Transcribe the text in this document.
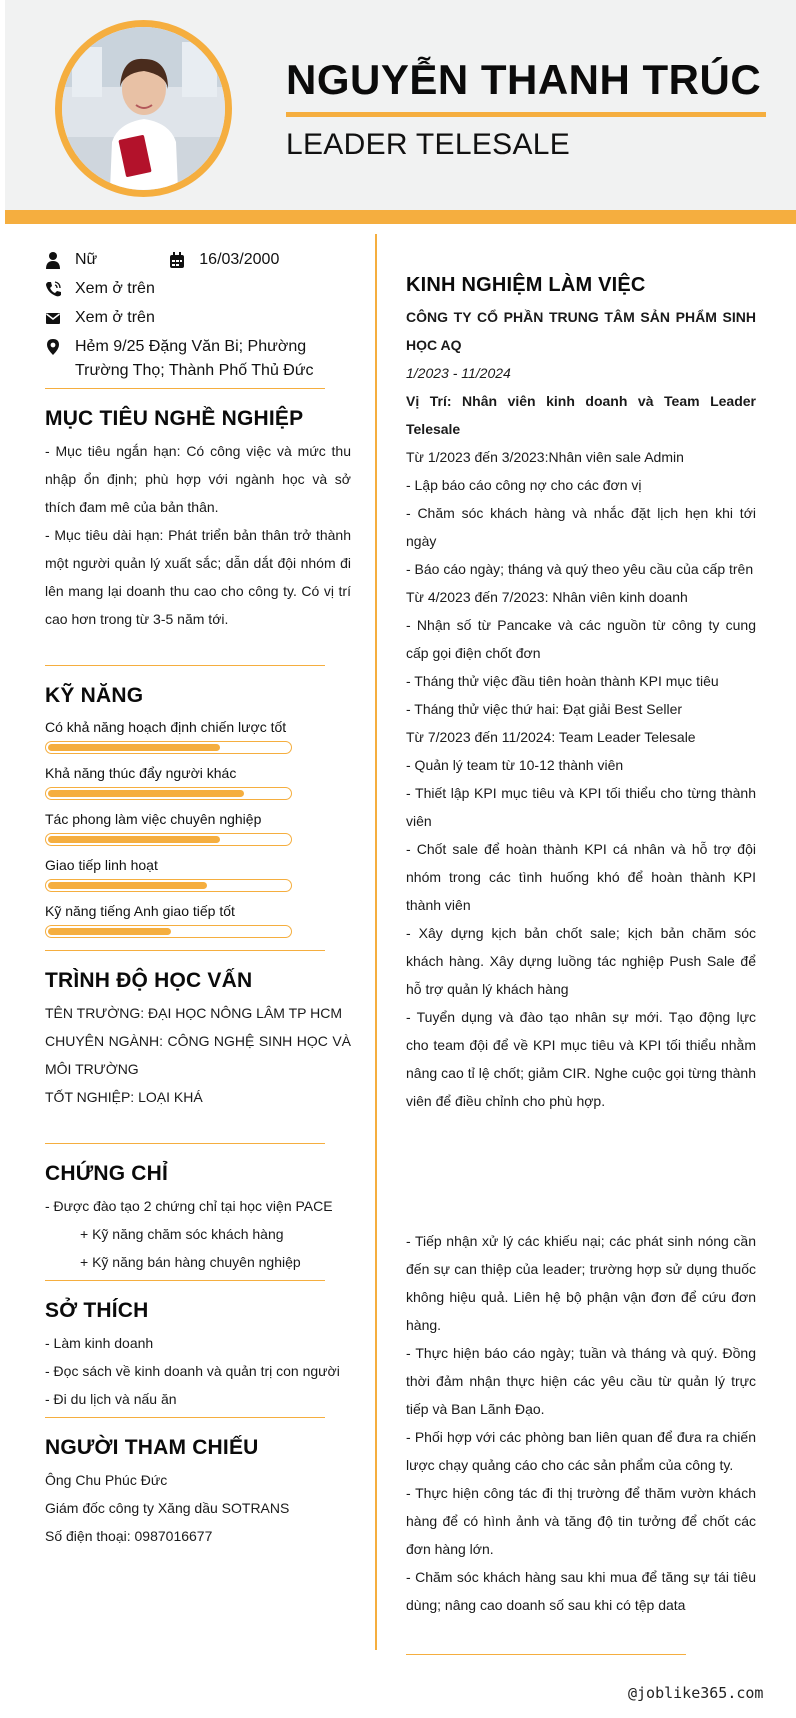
NGUYỄN THANH TRÚC
LEADER TELESALE
Nữ	16/03/2000
Xem ở trên
Xem ở trên
Hẻm 9/25 Đặng Văn Bi; Phường Trường Thọ; Thành Phố Thủ Đức
MỤC TIÊU NGHỀ NGHIỆP

- Mục tiêu ngắn hạn: Có công việc và mức thu nhập ổn định; phù hợp với ngành học và sở thích đam mê của bản thân.

- Mục tiêu dài hạn: Phát triển bản thân trở thành một người quản lý xuất sắc; dẫn dắt đội nhóm đi lên mang lại doanh thu cao cho công ty. Có vị trí cao hơn trong từ 3-5 năm tới.

KỸ NĂNG
Có khả năng hoạch định chiến lược tốt
Khả năng thúc đẩy người khác
Tác phong làm việc chuyên nghiệp
Giao tiếp linh hoạt
Kỹ năng tiếng Anh giao tiếp tốt
TRÌNH ĐỘ HỌC VẤN

TÊN TRƯỜNG: ĐẠI HỌC NÔNG LÂM TP HCM

CHUYÊN NGÀNH: CÔNG NGHỆ SINH HỌC VÀ MÔI TRƯỜNG

TỐT NGHIỆP: LOẠI KHÁ

CHỨNG CHỈ

- Được đào tạo 2 chứng chỉ tại học viện PACE

+ Kỹ năng chăm sóc khách hàng

+ Kỹ năng bán hàng chuyên nghiệp

SỞ THÍCH

- Làm kinh doanh

- Đọc sách về kinh doanh và quản trị con người

- Đi du lịch và nấu ăn

NGƯỜI THAM CHIẾU

Ông Chu Phúc Đức

Giám đốc công ty Xăng dầu SOTRANS

Số điện thoại: 0987016677

KINH NGHIỆM LÀM VIỆC

CÔNG TY CỔ PHẦN TRUNG TÂM SẢN PHẨM SINH HỌC AQ

1/2023 - 11/2024

Vị Trí: Nhân viên kinh doanh và Team Leader Telesale

Từ 1/2023 đến 3/2023:Nhân viên sale Admin

- Lập báo cáo công nợ cho các đơn vị

- Chăm sóc khách hàng và nhắc đặt lịch hẹn khi tới ngày

- Báo cáo ngày; tháng và quý theo yêu cầu của cấp trên

Từ 4/2023 đến 7/2023: Nhân viên kinh doanh

- Nhận số từ Pancake và các nguồn từ công ty cung cấp gọi điện chốt đơn

- Tháng thử việc đầu tiên hoàn thành KPI mục tiêu

- Tháng thử việc thứ hai: Đạt giải Best Seller

Từ 7/2023 đến 11/2024: Team Leader Telesale

- Quản lý team từ 10-12 thành viên

- Thiết lập KPI mục tiêu và KPI tối thiểu cho từng thành viên

- Chốt sale để hoàn thành KPI cá nhân và hỗ trợ đội nhóm trong các tình huống khó để hoàn thành KPI thành viên

- Xây dựng kịch bản chốt sale; kịch bản chăm sóc khách hàng. Xây dựng luồng tác nghiệp Push Sale để hỗ trợ quản lý khách hàng

- Tuyển dụng và đào tạo nhân sự mới. Tạo động lực cho team đội để về KPI mục tiêu và KPI tối thiểu nhằm nâng cao tỉ lệ chốt; giảm CIR. Nghe cuộc gọi từng thành viên để điều chỉnh cho phù hợp.

- Tiếp nhận xử lý các khiếu nại; các phát sinh nóng cần đến sự can thiệp của leader; trường hợp sử dụng thuốc không hiệu quả. Liên hệ bộ phận vận đơn để cứu đơn hàng.

- Thực hiện báo cáo ngày; tuần và tháng và quý. Đồng thời đảm nhận thực hiện các yêu cầu từ quản lý trực tiếp và Ban Lãnh Đạo.

- Phối hợp với các phòng ban liên quan để đưa ra chiến lược chạy quảng cáo cho các sản phẩm của công ty.

- Thực hiện công tác đi thị trường để thăm vườn khách hàng để có hình ảnh và tăng độ tin tưởng để chốt các đơn hàng lớn.

- Chăm sóc khách hàng sau khi mua để tăng sự tái tiêu dùng; nâng cao doanh số sau khi có tệp data

@joblike365.com
